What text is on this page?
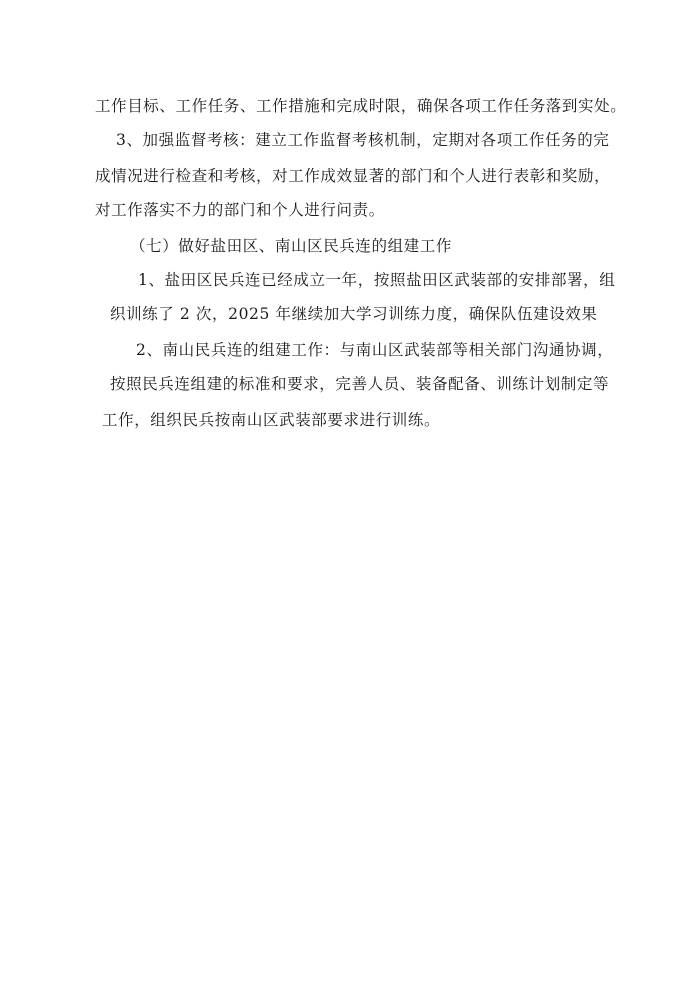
工作目标、工作任务、工作措施和完成时限，确保各项工作任务落到实处。

3、加强监督考核：建立工作监督考核机制，定期对各项工作任务的完

成情况进行检查和考核，对工作成效显著的部门和个人进行表彰和奖励，

对工作落实不力的部门和个人进行问责。

（七）做好盐田区、南山区民兵连的组建工作

1、盐田区民兵连已经成立一年，按照盐田区武装部的安排部署，组

织训练了 2 次，2025 年继续加大学习训练力度，确保队伍建设效果

2、南山民兵连的组建工作：与南山区武装部等相关部门沟通协调，

按照民兵连组建的标准和要求，完善人员、装备配备、训练计划制定等

工作，组织民兵按南山区武装部要求进行训练。
